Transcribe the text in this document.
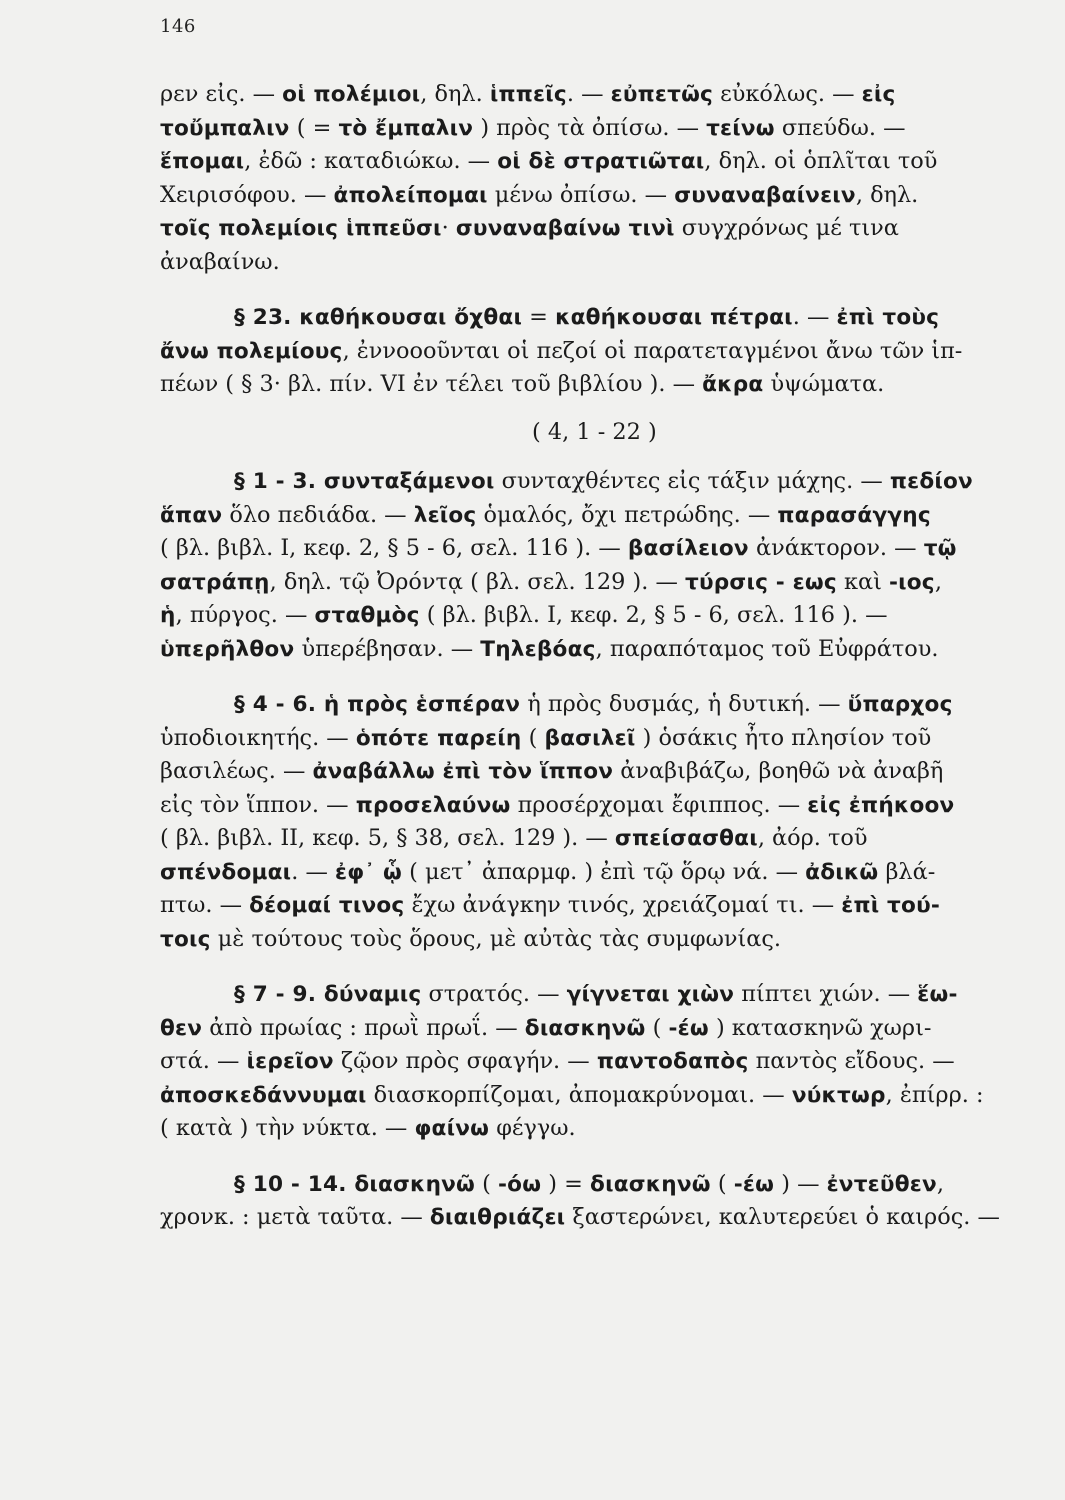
146
ρεν εἰς. — οἱ πολέμιοι, δηλ. ἱππεῖς. — εὐπετῶς εὐκόλως. — εἰς
τοὔμπαλιν ( = τὸ ἔμπαλιν ) πρὸς τὰ ὀπίσω. — τείνω σπεύδω. —
ἕπομαι, ἐδῶ : καταδιώκω. — οἱ δὲ στρατιῶται, δηλ. οἱ ὁπλῖται τοῦ
Χειρισόφου. — ἀπολείπομαι μένω ὀπίσω. — συναναβαίνειν, δηλ.
τοῖς πολεμίοις ἱππεῦσι· συναναβαίνω τινὶ συγχρόνως μέ τινα
ἀναβαίνω.
§ 23. καθήκουσαι ὄχθαι = καθήκουσαι πέτραι. — ἐπὶ τοὺς
ἄνω πολεμίους, ἐννοοοῦνται οἱ πεζοί οἱ παρατεταγμένοι ἄνω τῶν ἱπ-
πέων ( § 3· βλ. πίν. VI ἐν τέλει τοῦ βιβλίου ). — ἄκρα ὑψώματα.
( 4, 1 - 22 )
§ 1 - 3. συνταξάμενοι συνταχθέντες εἰς τάξιν μάχης. — πεδίον
ἅπαν ὅλο πεδιάδα. — λεῖος ὁμαλός, ὄχι πετρώδης. — παρασάγγης
( βλ. βιβλ. I, κεφ. 2, § 5 - 6, σελ. 116 ). — βασίλειον ἀνάκτορον. — τῷ
σατράπῃ, δηλ. τῷ Ὀρόντᾳ ( βλ. σελ. 129 ). — τύρσις - εως καὶ -ιος,
ἡ, πύργος. — σταθμὸς ( βλ. βιβλ. I, κεφ. 2, § 5 - 6, σελ. 116 ). —
ὑπερῆλθον ὑπερέβησαν. — Τηλεβόας, παραπόταμος τοῦ Εὐφράτου.
§ 4 - 6. ἡ πρὸς ἑσπέραν ἡ πρὸς δυσμάς, ἡ δυτική. — ὕπαρχος
ὑποδιοικητής. — ὁπότε παρείη ( βασιλεῖ ) ὁσάκις ἦτο πλησίον τοῦ
βασιλέως. — ἀναβάλλω ἐπὶ τὸν ἵππον ἀναβιβάζω, βοηθῶ νὰ ἀναβῆ
εἰς τὸν ἵππον. — προσελαύνω προσέρχομαι ἔφιππος. — εἰς ἐπήκοον
( βλ. βιβλ. II, κεφ. 5, § 38, σελ. 129 ). — σπείσασθαι, ἀόρ. τοῦ
σπένδομαι. — ἐφ᾽ ᾧ ( μετ᾽ ἀπαρμφ. ) ἐπὶ τῷ ὅρῳ νά. — ἀδικῶ βλά-
πτω. — δέομαί τινος ἔχω ἀνάγκην τινός, χρειάζομαί τι. — ἐπὶ τού-
τοις μὲ τούτους τοὺς ὅρους, μὲ αὐτὰς τὰς συμφωνίας.
§ 7 - 9. δύναμις στρατός. — γίγνεται χιὼν πίπτει χιών. — ἕω-
θεν ἀπὸ πρωίας : πρωῒ πρωΐ. — διασκηνῶ ( -έω ) κατασκηνῶ χωρι-
στά. — ἱερεῖον ζῷον πρὸς σφαγήν. — παντοδαπὸς παντὸς εἴδους. —
ἀποσκεδάννυμαι διασκορπίζομαι, ἀπομακρύνομαι. — νύκτωρ, ἐπίρρ. :
( κατὰ ) τὴν νύκτα. — φαίνω φέγγω.
§ 10 - 14. διασκηνῶ ( -όω ) = διασκηνῶ ( -έω ) — ἐντεῦθεν,
χρονκ. : μετὰ ταῦτα. — διαιθριάζει ξαστερώνει, καλυτερεύει ὁ καιρός. —
